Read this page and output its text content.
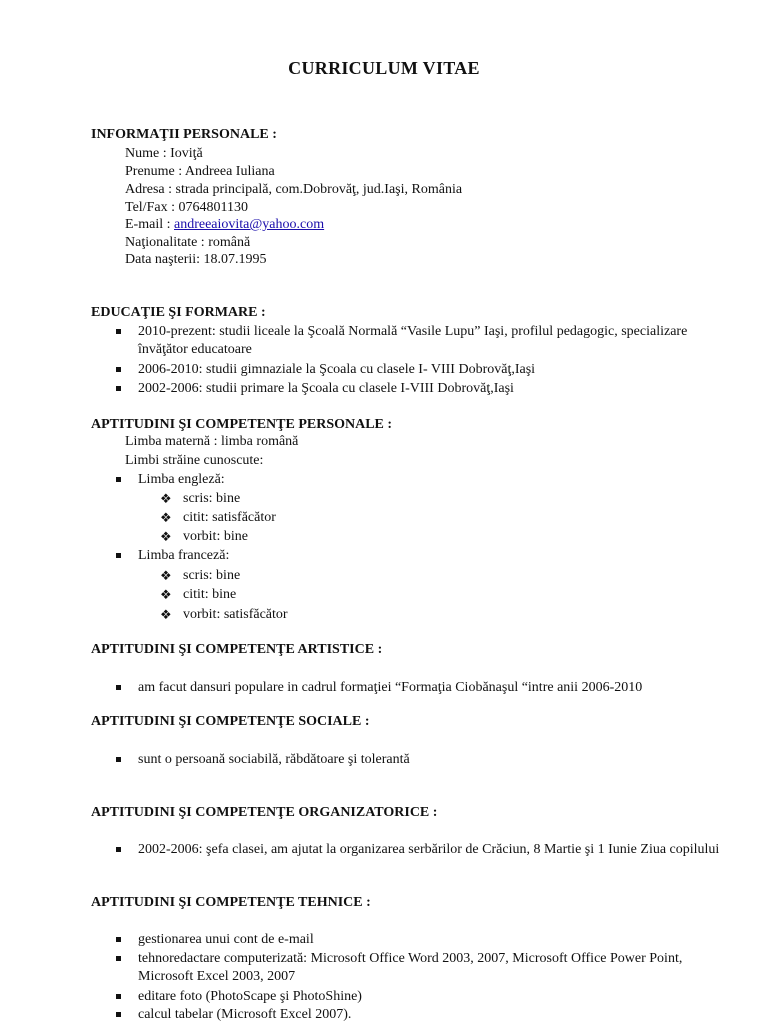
CURRICULUM VITAE
INFORMAŢII PERSONALE :
Nume : Ioviţă
Prenume : Andreea Iuliana
Adresa : strada principală, com.Dobrovăţ, jud.Iaşi, România
Tel/Fax : 0764801130
E-mail : andreeaiovita@yahoo.com
Naţionalitate : română
Data naşterii: 18.07.1995
EDUCAŢIE ŞI FORMARE :
2010-prezent: studii liceale la Şcoală Normală “Vasile Lupu” Iaşi, profilul pedagogic, specializare învăţător educatoare
2006-2010: studii gimnaziale la Şcoala cu clasele I- VIII Dobrovăţ,Iaşi
2002-2006: studii primare la Şcoala cu clasele I-VIII Dobrovăţ,Iaşi
APTITUDINI ŞI COMPETENŢE PERSONALE :
Limba maternă : limba română
Limbi străine cunoscute:
Limba engleză:
❖ scris: bine
❖ citit: satisfăcător
❖ vorbit: bine
Limba franceză:
❖ scris: bine
❖ citit: bine
❖ vorbit: satisfăcător
APTITUDINI ŞI COMPETENŢE ARTISTICE :
am facut dansuri populare in cadrul formaţiei “Formaţia Ciobănaşul “intre anii 2006-2010
APTITUDINI ŞI COMPETENŢE SOCIALE :
sunt o persoană sociabilă, răbdătoare şi tolerantă
APTITUDINI ŞI COMPETENŢE ORGANIZATORICE :
2002-2006: şefa clasei, am ajutat la organizarea serbărilor de Crăciun, 8 Martie şi 1 Iunie Ziua copilului
APTITUDINI ŞI COMPETENŢE TEHNICE :
gestionarea unui cont de e-mail
tehnoredactare computerizată: Microsoft Office Word 2003, 2007, Microsoft Office Power Point, Microsoft Excel 2003, 2007
editare foto (PhotoScape şi PhotoShine)
calcul tabelar (Microsoft Excel 2007).
